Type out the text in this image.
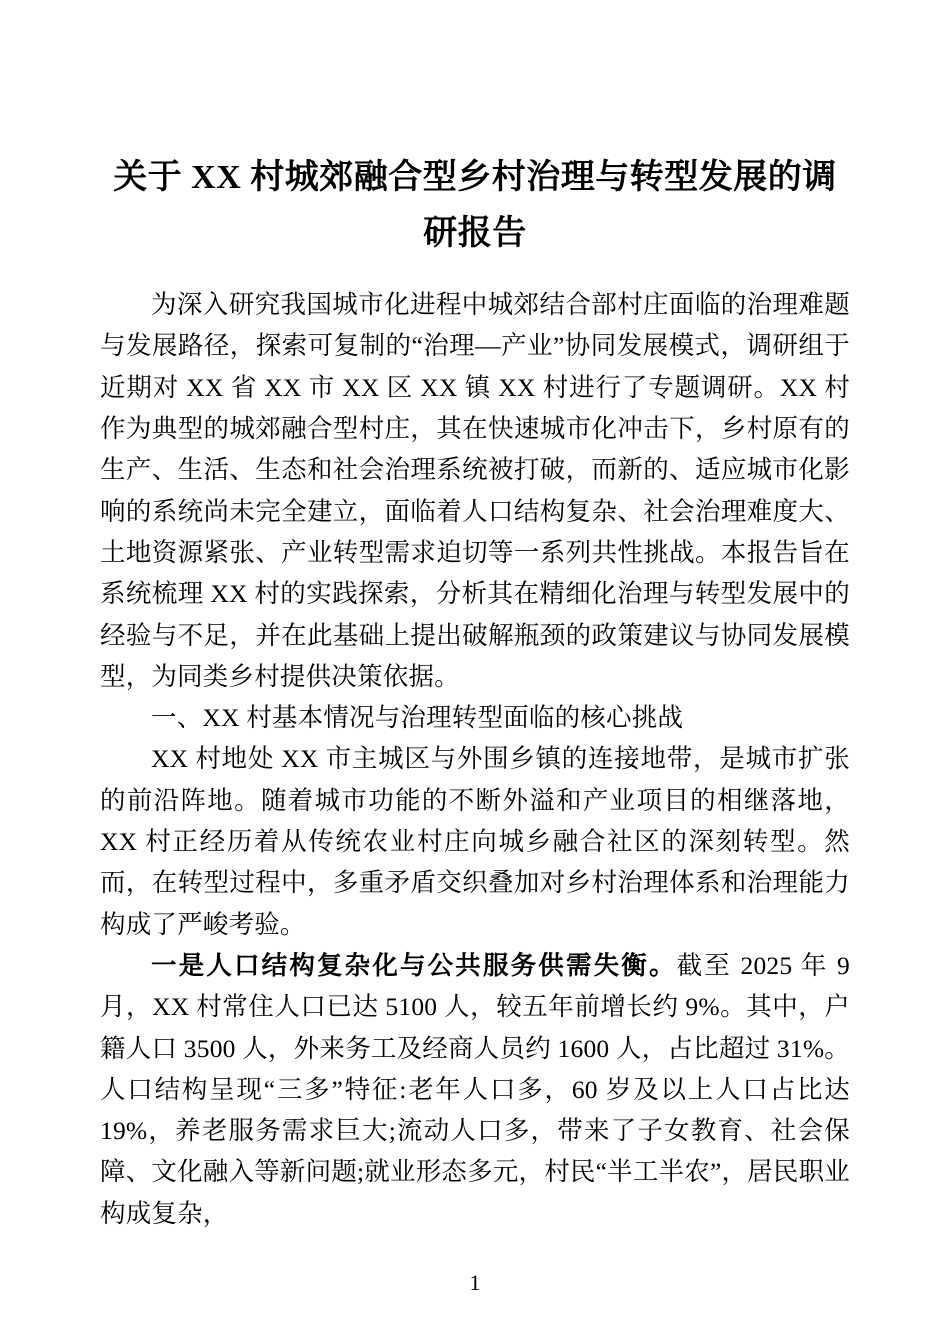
关于 XX 村城郊融合型乡村治理与转型发展的调研报告

为深入研究我国城市化进程中城郊结合部村庄面临的治理难题与发展路径，探索可复制的“治理—产业”协同发展模式，调研组于近期对 XX 省 XX 市 XX 区 XX 镇 XX 村进行了专题调研。XX 村作为典型的城郊融合型村庄，其在快速城市化冲击下，乡村原有的生产、生活、生态和社会治理系统被打破，而新的、适应城市化影响的系统尚未完全建立，面临着人口结构复杂、社会治理难度大、土地资源紧张、产业转型需求迫切等一系列共性挑战。本报告旨在系统梳理 XX 村的实践探索，分析其在精细化治理与转型发展中的经验与不足，并在此基础上提出破解瓶颈的政策建议与协同发展模型，为同类乡村提供决策依据。

一、XX 村基本情况与治理转型面临的核心挑战

XX 村地处 XX 市主城区与外围乡镇的连接地带，是城市扩张的前沿阵地。随着城市功能的不断外溢和产业项目的相继落地，XX 村正经历着从传统农业村庄向城乡融合社区的深刻转型。然而，在转型过程中，多重矛盾交织叠加对乡村治理体系和治理能力构成了严峻考验。

一是人口结构复杂化与公共服务供需失衡。截至 2025 年 9 月，XX 村常住人口已达 5100 人，较五年前增长约 9%。其中，户籍人口 3500 人，外来务工及经商人员约 1600 人，占比超过 31%。人口结构呈现“三多”特征:老年人口多，60 岁及以上人口占比达 19%，养老服务需求巨大;流动人口多，带来了子女教育、社会保障、文化融入等新问题;就业形态多元，村民“半工半农”，居民职业构成复杂，

1
